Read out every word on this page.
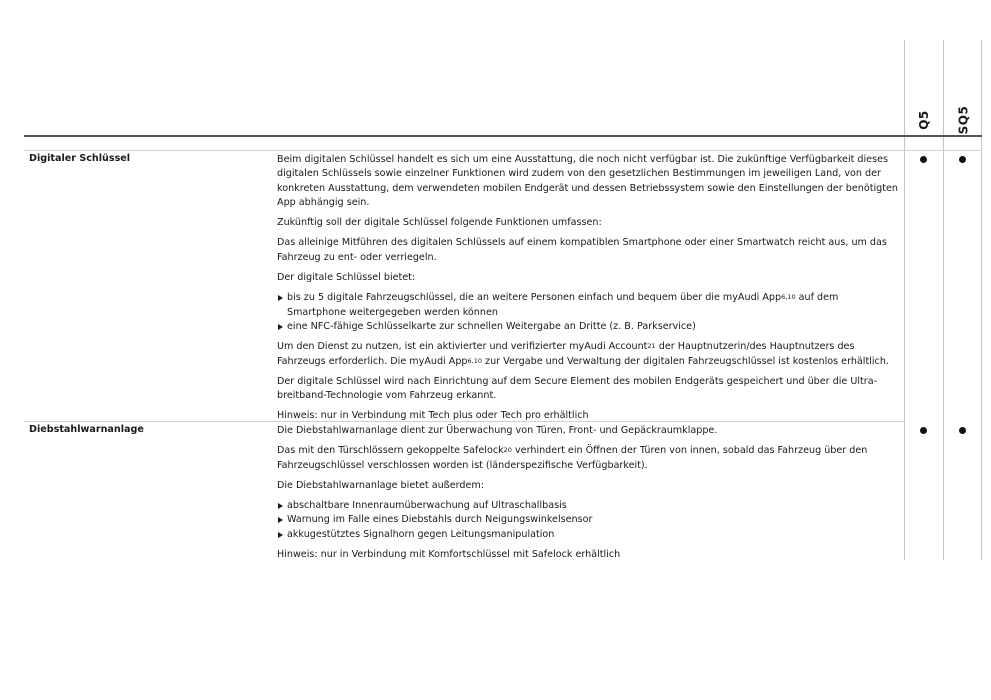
Q5 SQ5
Digitaler Schlüssel	Beim digitalen Schlüssel handelt es sich um eine Ausstattung, die noch nicht verfügbar ist. Die zukünftige Verfügbarkeit dieses digitalen Schlüssels sowie einzelner Funktionen wird zudem von den gesetzlichen Bestimmungen im jeweiligen Land, von der konkreten Ausstattung, dem verwendeten mobilen Endgerät und dessen Betriebssystem sowie den Einstellungen der benötigten App abhängig sein.

Zukünftig soll der digitale Schlüssel folgende Funktionen umfassen:

Das alleinige Mitführen des digitalen Schlüssels auf einem kompatiblen Smartphone oder einer Smartwatch reicht aus, um das Fahrzeug zu ent- oder verriegeln.

Der digitale Schlüssel bietet:

bis zu 5 digitale Fahrzeugschlüssel, die an weitere Personen einfach und bequem über die myAudi App$^{6,10}$ auf dem Smartphone weitergegeben werden können
eine NFC-fähige Schlüsselkarte zur schnellen Weitergabe an Dritte (z. B. Parkservice)

Um den Dienst zu nutzen, ist ein aktivierter und verifizierter myAudi Account$^{21}$ der Hauptnutzerin/des Hauptnutzers des Fahrzeugs erforderlich. Die myAudi App$^{6,10}$ zur Vergabe und Verwaltung der digitalen Fahrzeugschlüssel ist kostenlos erhältlich.

Der digitale Schlüssel wird nach Einrichtung auf dem Secure Element des mobilen Endgeräts gespeichert und über die Ultra-breitband-Technologie vom Fahrzeug erkannt.

Hinweis: nur in Verbindung mit Tech plus oder Tech pro erhältlich

Diebstahlwarnanlage	Die Diebstahlwarnanlage dient zur Überwachung von Türen, Front- und Gepäckraumklappe.

Das mit den Türschlössern gekoppelte Safelock$^{20}$ verhindert ein Öffnen der Türen von innen, sobald das Fahrzeug über den Fahrzeugschlüssel verschlossen worden ist (länderspezifische Verfügbarkeit).

Die Diebstahlwarnanlage bietet außerdem:

abschaltbare Innenraumüberwachung auf Ultraschallbasis
Warnung im Falle eines Diebstahls durch Neigungswinkelsensor
akkugestütztes Signalhorn gegen Leitungsmanipulation

Hinweis: nur in Verbindung mit Komfortschlüssel mit Safelock erhältlich
